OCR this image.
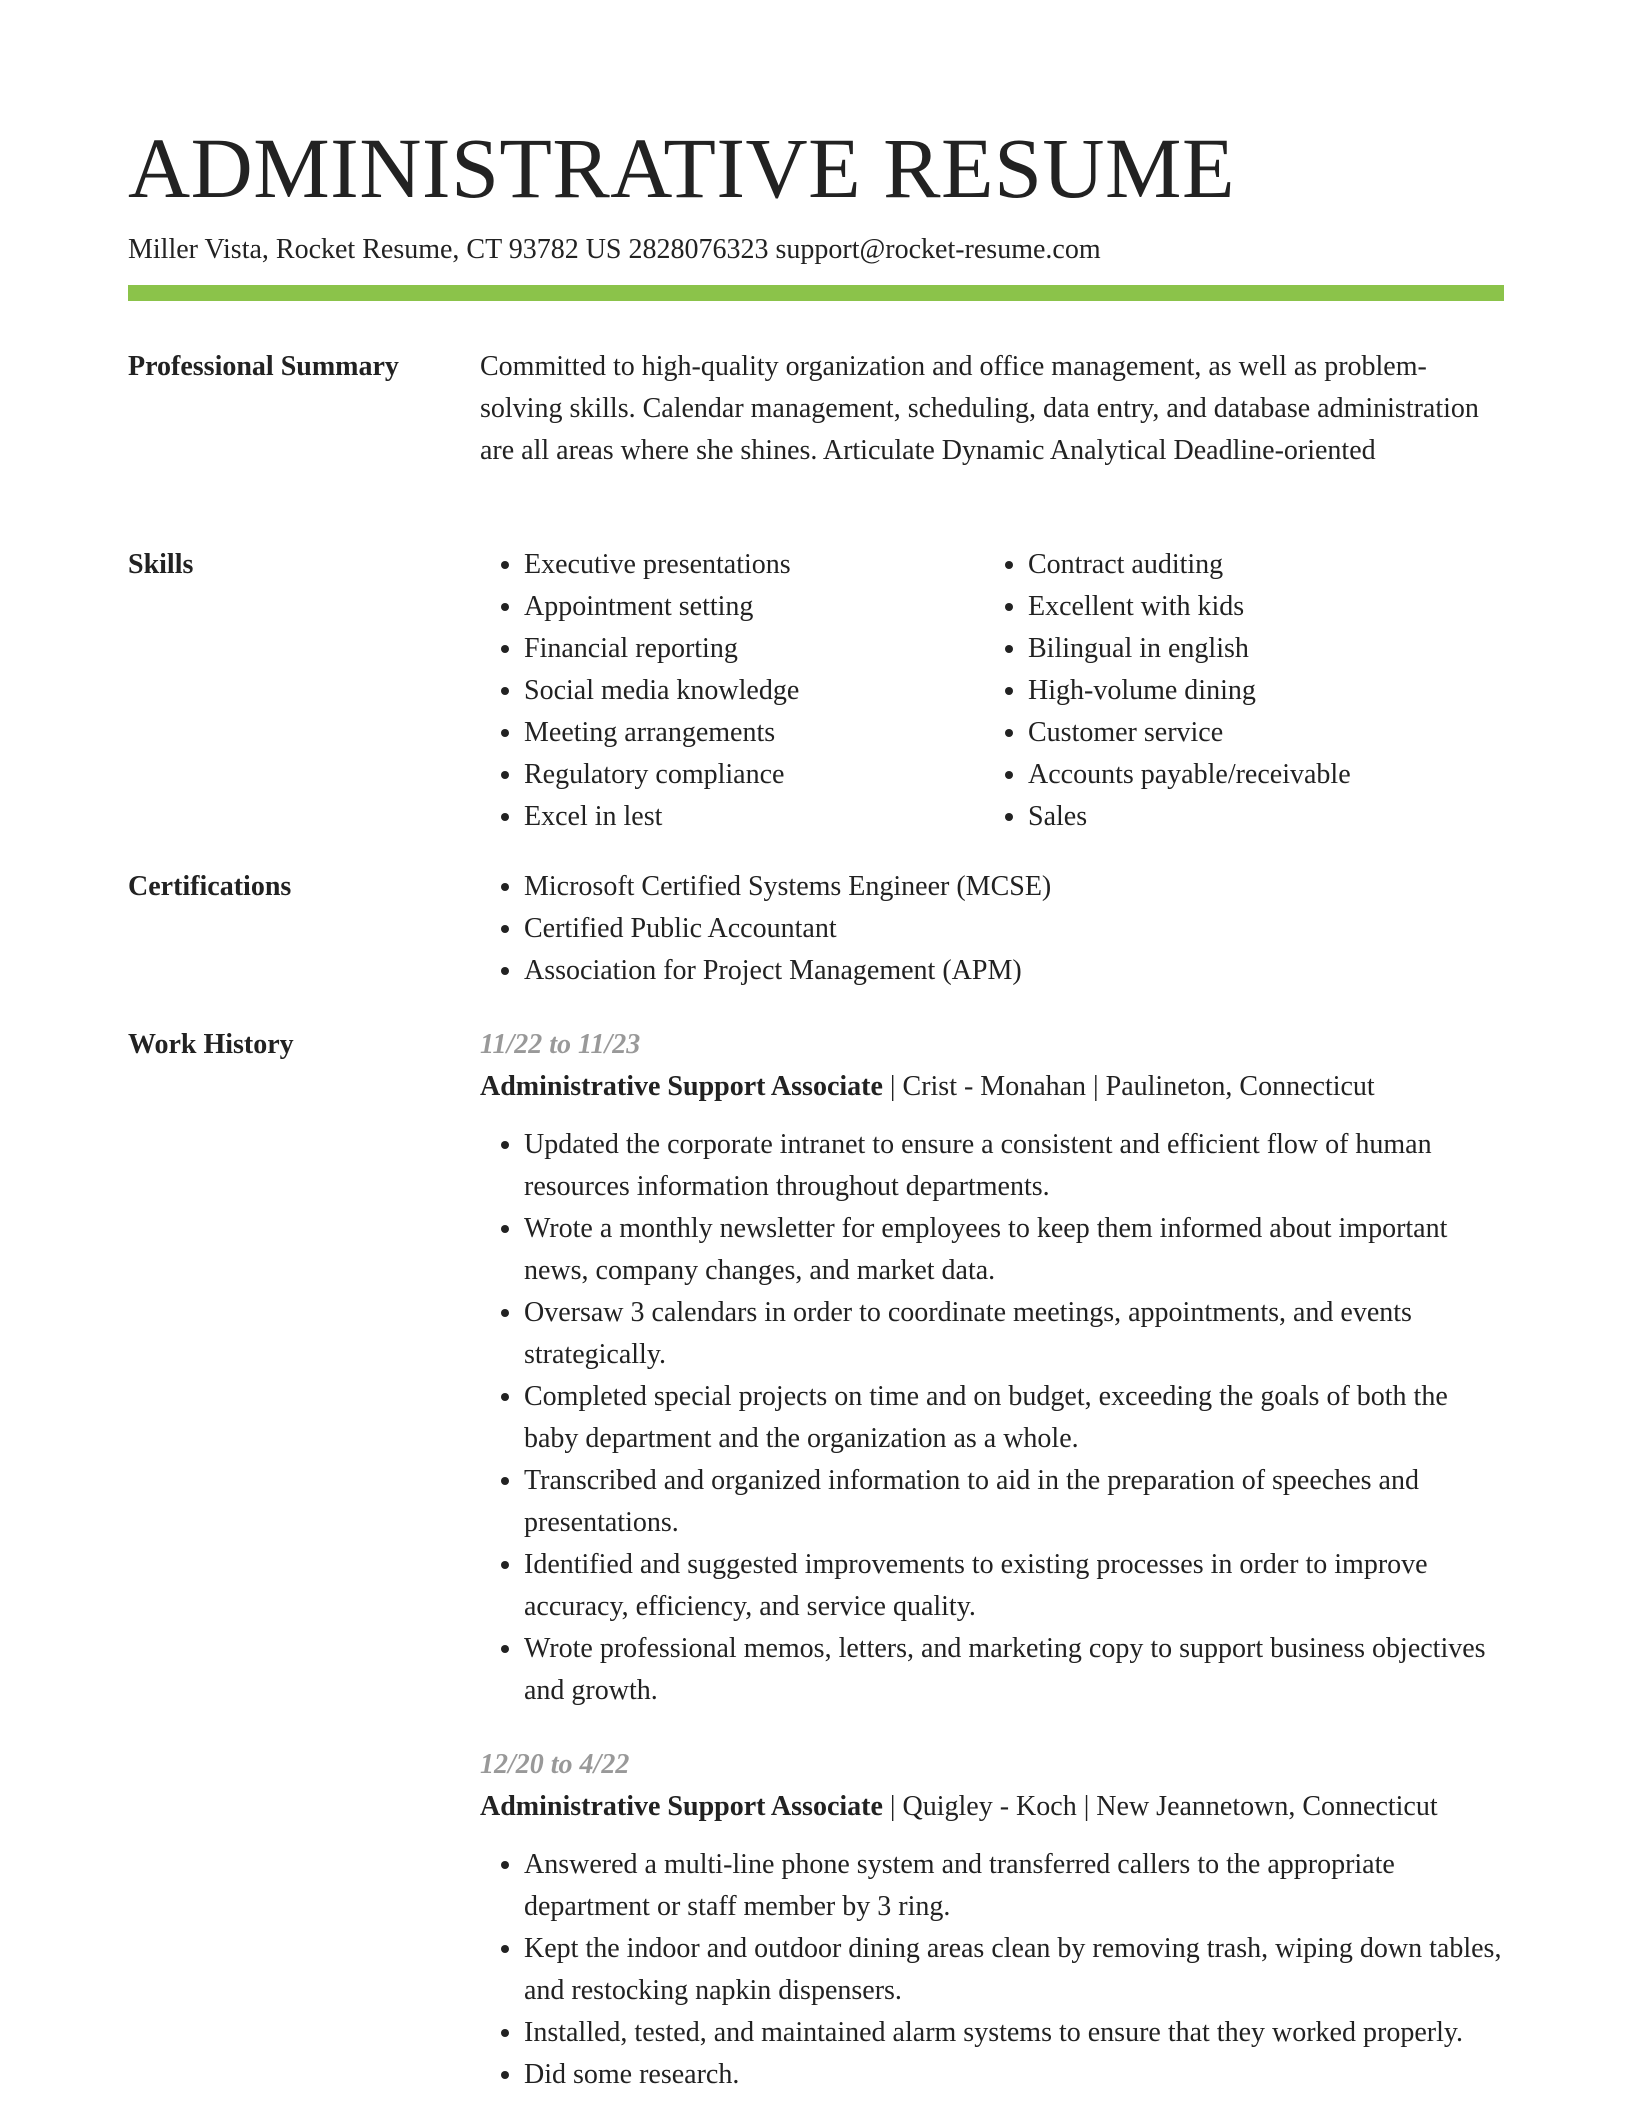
ADMINISTRATIVE RESUME
Miller Vista, Rocket Resume, CT 93782 US 2828076323 support@rocket-resume.com
Professional Summary	Committed to high-quality organization and office management, as well as problem-solving skills. Calendar management, scheduling, data entry, and database administration are all areas where she shines. Articulate Dynamic Analytical Deadline-oriented

Skills	• Executive presentations
• Appointment setting
• Financial reporting
• Social media knowledge
• Meeting arrangements
• Regulatory compliance
• Excel in lest
• Contract auditing
• Excellent with kids
• Bilingual in english
• High-volume dining
• Customer service
• Accounts payable/receivable
• Sales
Certifications	• Microsoft Certified Systems Engineer (MCSE)
• Certified Public Accountant
• Association for Project Management (APM)
Work History	11/22 to 11/23
Administrative Support Associate | Crist - Monahan | Paulineton, Connecticut
• Updated the corporate intranet to ensure a consistent and efficient flow of human resources information throughout departments.
• Wrote a monthly newsletter for employees to keep them informed about important news, company changes, and market data.
• Oversaw 3 calendars in order to coordinate meetings, appointments, and events strategically.
• Completed special projects on time and on budget, exceeding the goals of both the baby department and the organization as a whole.
• Transcribed and organized information to aid in the preparation of speeches and presentations.
• Identified and suggested improvements to existing processes in order to improve accuracy, efficiency, and service quality.
• Wrote professional memos, letters, and marketing copy to support business objectives and growth.
12/20 to 4/22
Administrative Support Associate | Quigley - Koch | New Jeannetown, Connecticut
• Answered a multi-line phone system and transferred callers to the appropriate department or staff member by 3 ring.
• Kept the indoor and outdoor dining areas clean by removing trash, wiping down tables, and restocking napkin dispensers.
• Installed, tested, and maintained alarm systems to ensure that they worked properly.
• Did some research.
